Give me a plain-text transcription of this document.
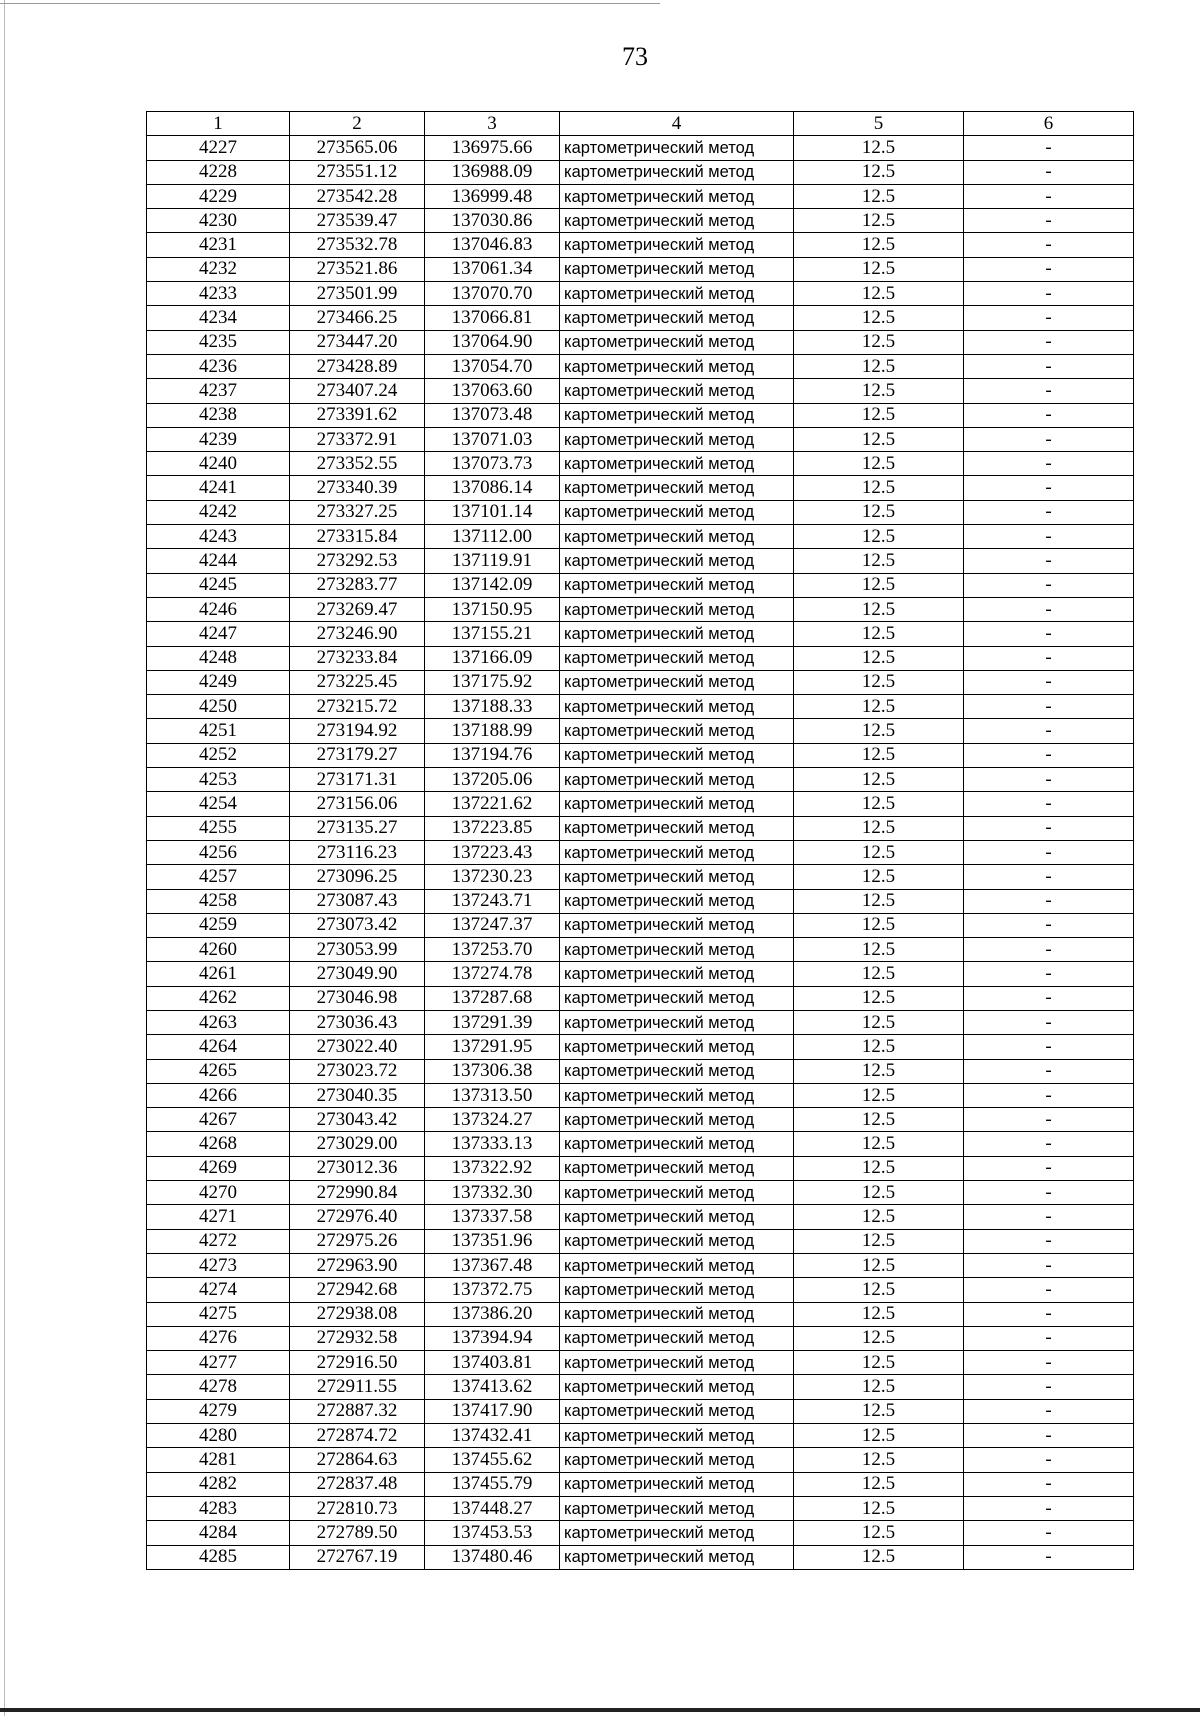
73
1	2	3	4	5	6
4227	273565.06	136975.66	картометрический метод	12.5	-
4228	273551.12	136988.09	картометрический метод	12.5	-
4229	273542.28	136999.48	картометрический метод	12.5	-
4230	273539.47	137030.86	картометрический метод	12.5	-
4231	273532.78	137046.83	картометрический метод	12.5	-
4232	273521.86	137061.34	картометрический метод	12.5	-
4233	273501.99	137070.70	картометрический метод	12.5	-
4234	273466.25	137066.81	картометрический метод	12.5	-
4235	273447.20	137064.90	картометрический метод	12.5	-
4236	273428.89	137054.70	картометрический метод	12.5	-
4237	273407.24	137063.60	картометрический метод	12.5	-
4238	273391.62	137073.48	картометрический метод	12.5	-
4239	273372.91	137071.03	картометрический метод	12.5	-
4240	273352.55	137073.73	картометрический метод	12.5	-
4241	273340.39	137086.14	картометрический метод	12.5	-
4242	273327.25	137101.14	картометрический метод	12.5	-
4243	273315.84	137112.00	картометрический метод	12.5	-
4244	273292.53	137119.91	картометрический метод	12.5	-
4245	273283.77	137142.09	картометрический метод	12.5	-
4246	273269.47	137150.95	картометрический метод	12.5	-
4247	273246.90	137155.21	картометрический метод	12.5	-
4248	273233.84	137166.09	картометрический метод	12.5	-
4249	273225.45	137175.92	картометрический метод	12.5	-
4250	273215.72	137188.33	картометрический метод	12.5	-
4251	273194.92	137188.99	картометрический метод	12.5	-
4252	273179.27	137194.76	картометрический метод	12.5	-
4253	273171.31	137205.06	картометрический метод	12.5	-
4254	273156.06	137221.62	картометрический метод	12.5	-
4255	273135.27	137223.85	картометрический метод	12.5	-
4256	273116.23	137223.43	картометрический метод	12.5	-
4257	273096.25	137230.23	картометрический метод	12.5	-
4258	273087.43	137243.71	картометрический метод	12.5	-
4259	273073.42	137247.37	картометрический метод	12.5	-
4260	273053.99	137253.70	картометрический метод	12.5	-
4261	273049.90	137274.78	картометрический метод	12.5	-
4262	273046.98	137287.68	картометрический метод	12.5	-
4263	273036.43	137291.39	картометрический метод	12.5	-
4264	273022.40	137291.95	картометрический метод	12.5	-
4265	273023.72	137306.38	картометрический метод	12.5	-
4266	273040.35	137313.50	картометрический метод	12.5	-
4267	273043.42	137324.27	картометрический метод	12.5	-
4268	273029.00	137333.13	картометрический метод	12.5	-
4269	273012.36	137322.92	картометрический метод	12.5	-
4270	272990.84	137332.30	картометрический метод	12.5	-
4271	272976.40	137337.58	картометрический метод	12.5	-
4272	272975.26	137351.96	картометрический метод	12.5	-
4273	272963.90	137367.48	картометрический метод	12.5	-
4274	272942.68	137372.75	картометрический метод	12.5	-
4275	272938.08	137386.20	картометрический метод	12.5	-
4276	272932.58	137394.94	картометрический метод	12.5	-
4277	272916.50	137403.81	картометрический метод	12.5	-
4278	272911.55	137413.62	картометрический метод	12.5	-
4279	272887.32	137417.90	картометрический метод	12.5	-
4280	272874.72	137432.41	картометрический метод	12.5	-
4281	272864.63	137455.62	картометрический метод	12.5	-
4282	272837.48	137455.79	картометрический метод	12.5	-
4283	272810.73	137448.27	картометрический метод	12.5	-
4284	272789.50	137453.53	картометрический метод	12.5	-
4285	272767.19	137480.46	картометрический метод	12.5	-
